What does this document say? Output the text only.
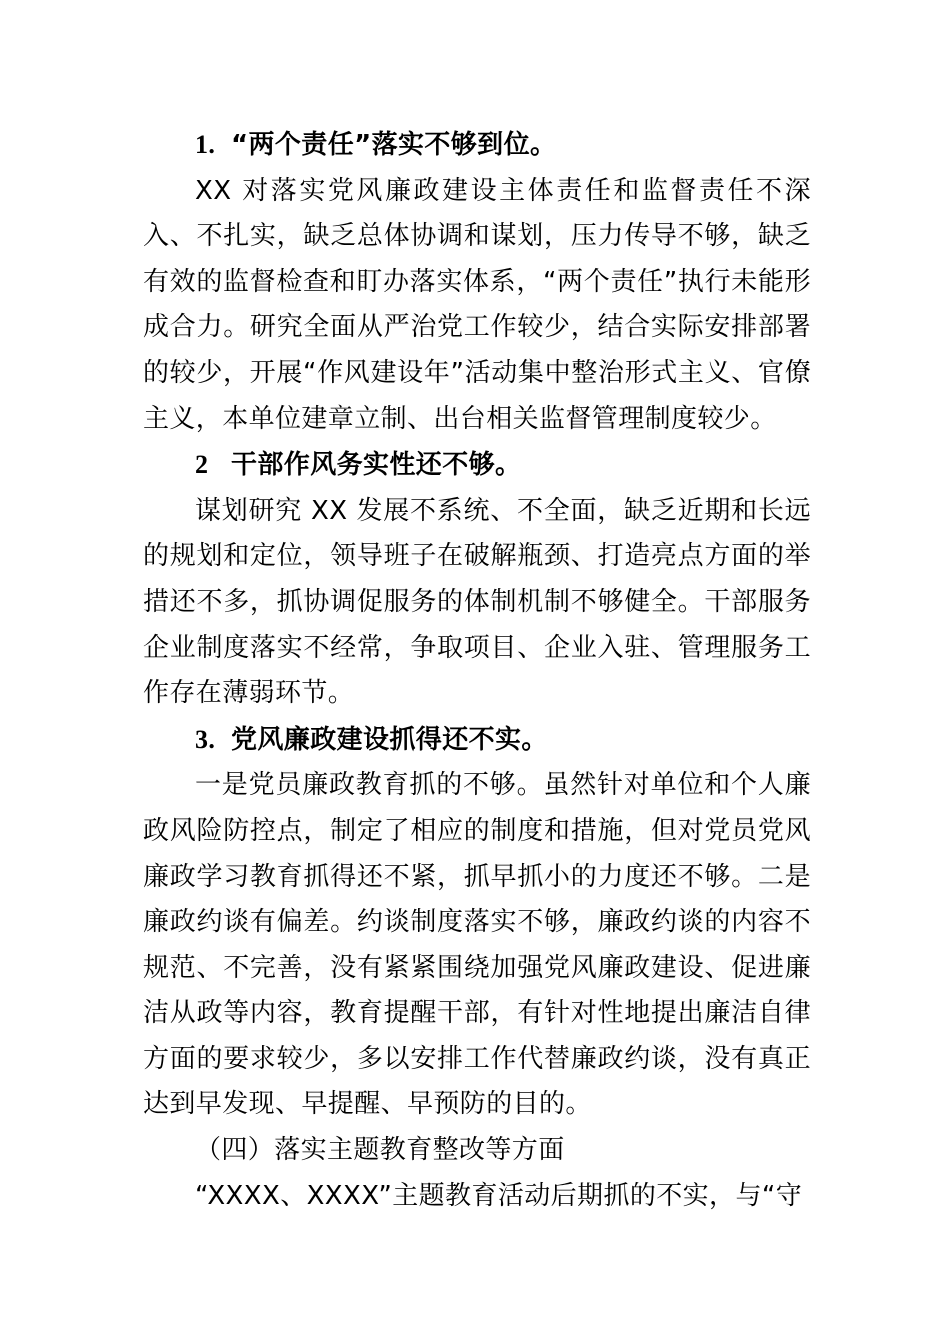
1. “两个责任”落实不够到位。

XX 对落实党风廉政建设主体责任和监督责任不深入、不扎实，缺乏总体协调和谋划，压力传导不够，缺乏有效的监督检查和盯办落实体系，“两个责任”执行未能形成合力。研究全面从严治党工作较少，结合实际安排部署的较少，开展“作风建设年”活动集中整治形式主义、官僚主义，本单位建章立制、出台相关监督管理制度较少。

2 干部作风务实性还不够。

谋划研究 XX 发展不系统、不全面，缺乏近期和长远的规划和定位，领导班子在破解瓶颈、打造亮点方面的举措还不多，抓协调促服务的体制机制不够健全。干部服务企业制度落实不经常，争取项目、企业入驻、管理服务工作存在薄弱环节。

3. 党风廉政建设抓得还不实。

一是党员廉政教育抓的不够。虽然针对单位和个人廉政风险防控点，制定了相应的制度和措施，但对党员党风廉政学习教育抓得还不紧，抓早抓小的力度还不够。二是廉政约谈有偏差。约谈制度落实不够，廉政约谈的内容不规范、不完善，没有紧紧围绕加强党风廉政建设、促进廉洁从政等内容，教育提醒干部，有针对性地提出廉洁自律方面的要求较少，多以安排工作代替廉政约谈，没有真正达到早发现、早提醒、早预防的目的。

（四）落实主题教育整改等方面

“XXXX、XXXX”主题教育活动后期抓的不实，与“守
